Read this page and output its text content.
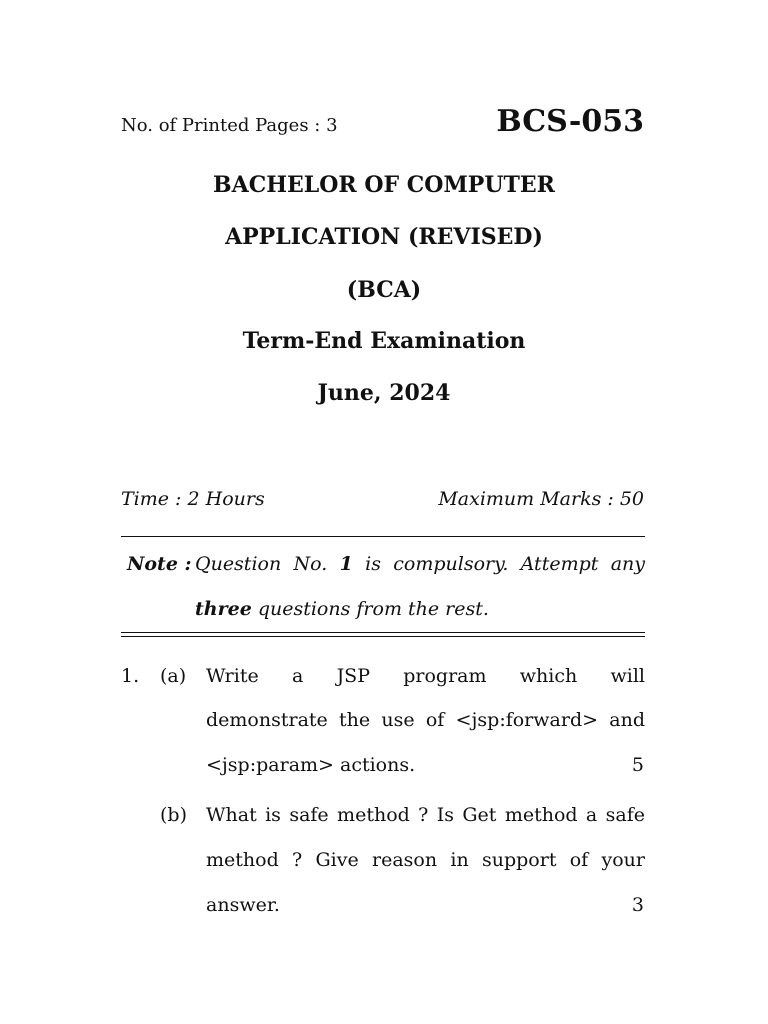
No. of Printed Pages : 3	BCS-053
BACHELOR OF COMPUTER
APPLICATION (REVISED)
(BCA)
Term-End Examination
June, 2024
Time : 2 Hours	Maximum Marks : 50
Note : Question No. 1 is compulsory. Attempt any
three questions from the rest.
1. (a) Write a JSP program which will
demonstrate the use of <jsp:forward> and
<jsp:param> actions.	5
(b) What is safe method ? Is Get method a safe
method ? Give reason in support of your
answer.	3
